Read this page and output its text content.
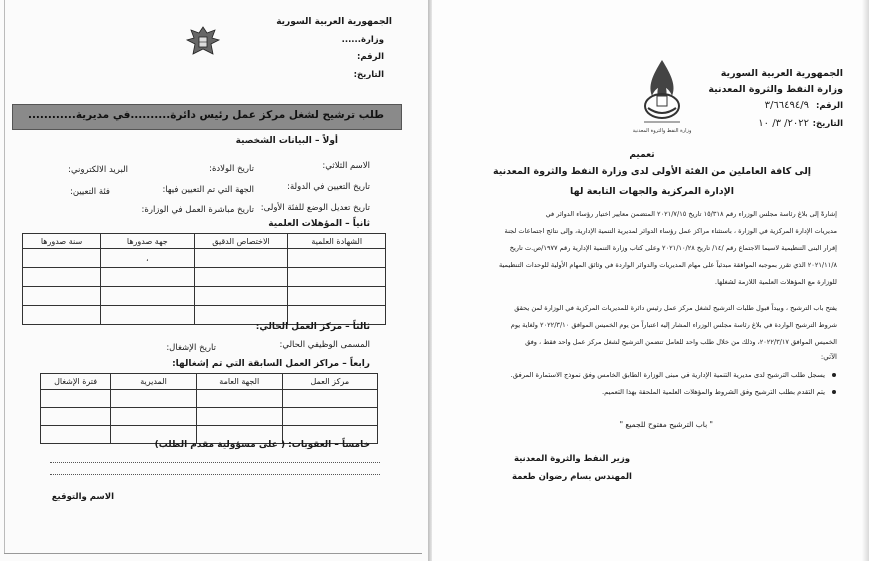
الجمهورية العربية السورية
وزارة......
الرقم:
التاريخ:
طلب ترشيح لشغل مركز عمل رئيس دائرة..........في مديرية............
أولاً – البيانات الشخصية
الاسم الثلاثي:
تاريخ الولادة:
البريد الالكتروني:
تاريخ التعيين في الدولة:
الجهة التي تم التعيين فيها:
فئة التعيين:
تاريخ تعديل الوضع للفئة الأولى:
تاريخ مباشرة العمل في الوزارة:
ثانياً – المؤهلات العلمية
الشهادة العلمية	الاختصاص الدقيق	جهة صدورها	سنة صدورها
		،	

ثالثاً – مركز العمل الحالي:
المسمى الوظيفي الحالي:
تاريخ الإشغال:
رابعاً – مراكز العمل السابقة التي تم إشغالها:
مركز العمل	الجهة العامة	المديرية	فترة الإشغال

خامساً – العقوبات: ( على مسؤولية مقدم الطلب)
الاسم والتوقيع
الجمهورية العربية السورية
وزارة النفط والثروة المعدنية
الرقم:
٣/٦٦٤٩٤/٩
التاريخ:
٢٠٢٢/ ٣/ ١٠
وزارة النفط والثروة المعدنية
تعميم
إلى كافة العاملين من الفئة الأولى لدى وزارة النفط والثروة المعدنية
الإدارة المركزية والجهات التابعة لها
إشارةً إلى بلاغ رئاسة مجلس الوزراء رقم ١٥/٣١٨ تاريخ ٢٠٢١/٧/١٥ المتضمن معايير اختيار رؤساء الدوائر في
مديريات الإدارة المركزية في الوزارة ، باستثناء مراكز عمل رؤساء الدوائر لمديرية التنمية الإدارية، وإلى نتائج اجتماعات لجنة
إقرار البنى التنظيمية لاسيما الاجتماع رقم /١٤/ تاريخ ٢٠٢١/١٠/٢٨ وعلى كتاب وزارة التنمية الإدارية رقم ١٩٧٧/ص.ت تاريخ
٢٠٢١/١١/٨ الذي تقرر بموجبه الموافقة مبدئياً على مهام المديريات والدوائر الواردة في وثائق المهام الأولية للوحدات التنظيمية
للوزارة مع المؤهلات العلمية اللازمة لشغلها.
يفتح باب الترشيح ، وبيداً قبول طلبات الترشيح لشغل مركز عمل رئيس دائرة للمديريات المركزية في الوزارة لمن يحقق
شروط الترشيح الواردة في بلاغ رئاسة مجلس الوزراء المشار إليه اعتباراً من يوم الخميس الموافق ٢٠٢٢/٣/١٠ ولغاية يوم
الخميس الموافق ٢٠٢٢/٣/١٧، وذلك من خلال طلب واحد للعامل تتضمن الترشيح لشغل مركز عمل واحد فقط ، وفق
الآتي:
يسجل طلب الترشيح لدى مديرية التنمية الإدارية في مبنى الوزارة الطابق الخامس وفق نموذج الاستمارة المرفق.
يتم التقدم بطلب الترشيح وفق الشروط والمؤهلات العلمية الملحقة بهذا التعميم.
" باب الترشيح مفتوح للجميع "
وزير النفط والثروة المعدنية
المهندس بسام رضوان طعمة
